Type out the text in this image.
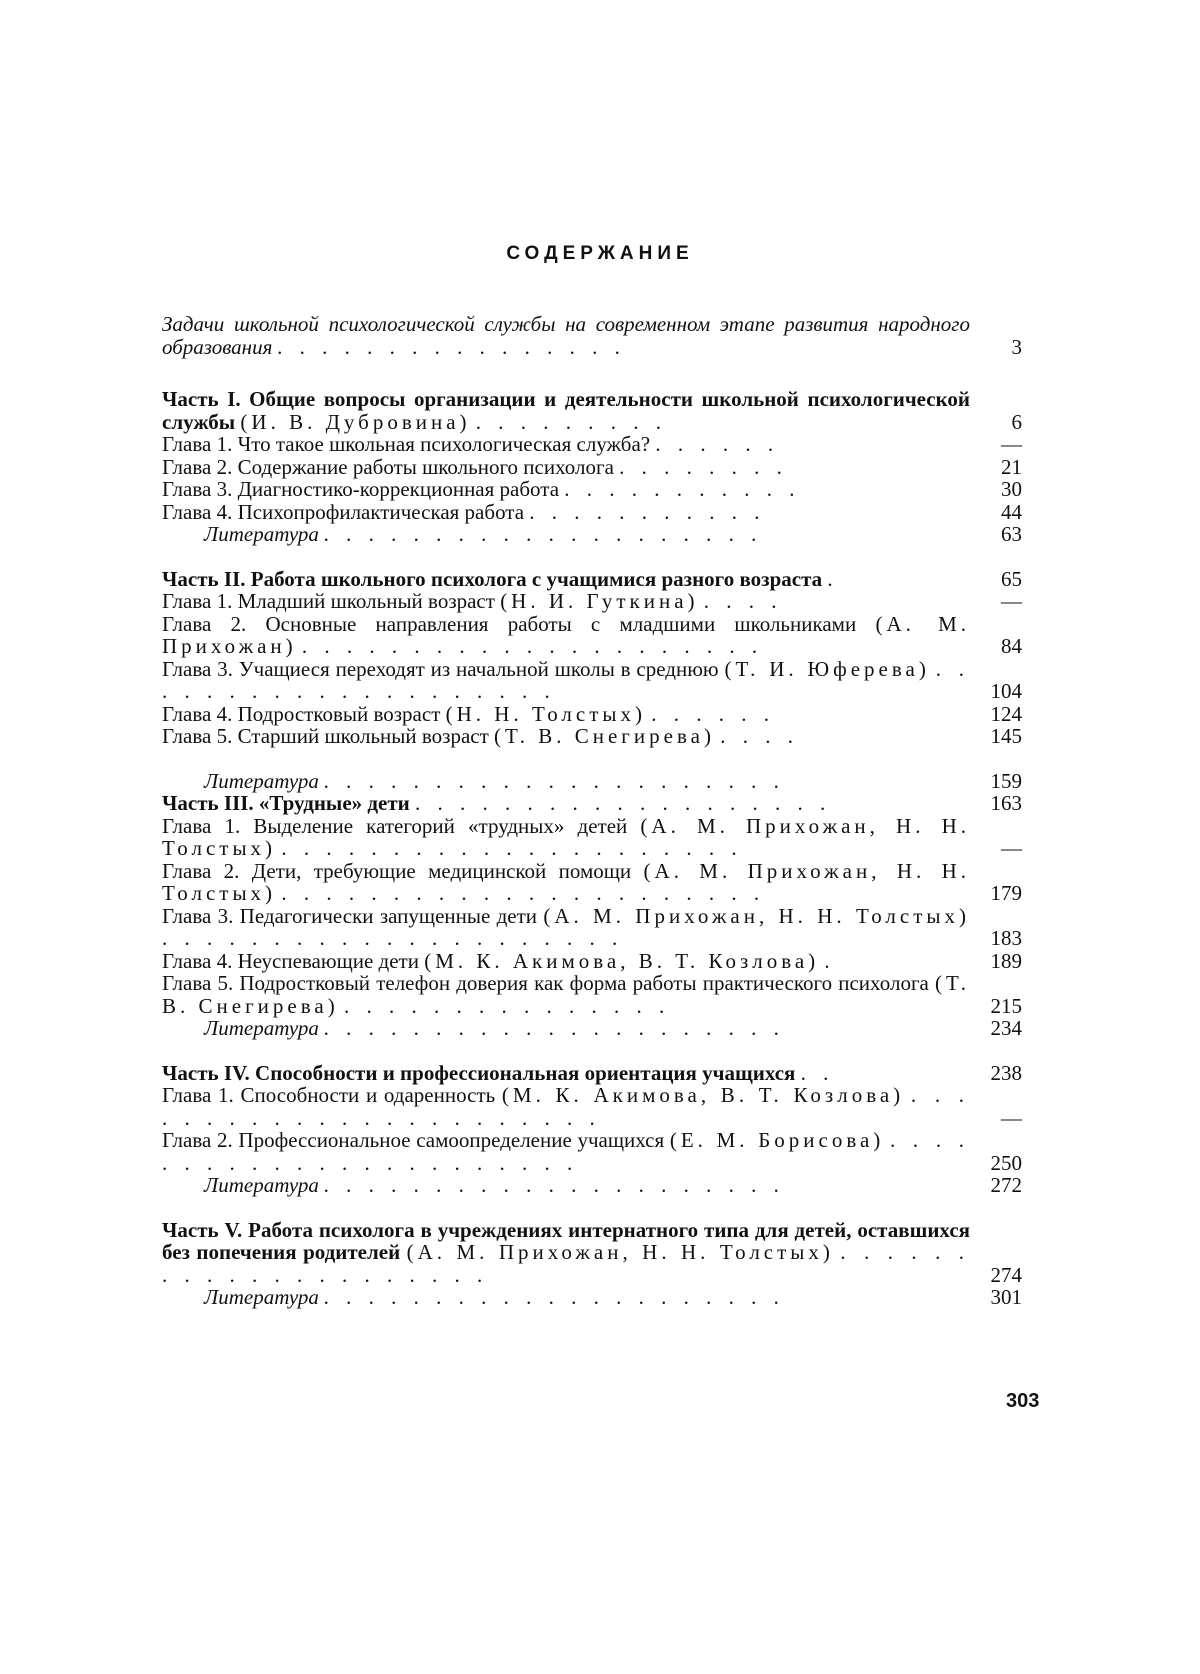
СОДЕРЖАНИЕ
Задачи школьной психологической службы на современном этапе развития народного образования . . . . . . . . . . . . . . . .	3
Часть I. Общие вопросы организации и деятельности школьной психологической службы (И. В. Дубровина) . . . . . . . . .	6
Глава 1. Что такое школьная психологическая служба? . . . . . .	—
Глава 2. Содержание работы школьного психолога . . . . . . . .	21
Глава 3. Диагностико-коррекционная работа . . . . . . . . . . .	30
Глава 4. Психопрофилактическая работа . . . . . . . . . . .	44
Литература . . . . . . . . . . . . . . . . . . . .	63
Часть II. Работа школьного психолога с учащимися разного возраста .	65
Глава 1. Младший школьный возраст (Н. И. Гуткина) . . . .	—
Глава 2. Основные направления работы с младшими школьниками (А. М. Прихожан) . . . . . . . . . . . . . . . . . . . . .	84
Глава 3. Учащиеся переходят из начальной школы в среднюю (Т. И. Юферева) . . . . . . . . . . . . . . . . . . . .	104
Глава 4. Подростковый возраст (Н. Н. Толстых) . . . . . .	124
Глава 5. Старший школьный возраст (Т. В. Снегирева) . . . .	145
Литература . . . . . . . . . . . . . . . . . . . . .	159
Часть III. «Трудные» дети . . . . . . . . . . . . . . . . . . .	163
Глава 1. Выделение категорий «трудных» детей (А. М. Прихожан, Н. Н. Толстых) . . . . . . . . . . . . . . . . . . . . .	—
Глава 2. Дети, требующие медицинской помощи (А. М. Прихожан, Н. Н. Толстых) . . . . . . . . . . . . . . . . . . . . . .	179
Глава 3. Педагогически запущенные дети (А. М. Прихожан, Н. Н. Толстых) . . . . . . . . . . . . . . . . . . . . .	183
Глава 4. Неуспевающие дети (М. К. Акимова, В. Т. Козлова) .	189
Глава 5. Подростковый телефон доверия как форма работы практического психолога (Т. В. Снегирева) . . . . . . . . . . . . . . .	215
Литература . . . . . . . . . . . . . . . . . . . . .	234
Часть IV. Способности и профессиональная ориентация учащихся . .	238
Глава 1. Способности и одаренность (М. К. Акимова, В. Т. Козлова) . . . . . . . . . . . . . . . . . . . . . . .	—
Глава 2. Профессиональное самоопределение учащихся (Е. М. Борисова) . . . . . . . . . . . . . . . . . . . . . . .	250
Литература . . . . . . . . . . . . . . . . . . . . .	272
Часть V. Работа психолога в учреждениях интернатного типа для детей, оставшихся без попечения родителей (А. М. Прихожан, Н. Н. Толстых) . . . . . . . . . . . . . . . . . . . . .	274
Литература . . . . . . . . . . . . . . . . . . . . .	301
303
